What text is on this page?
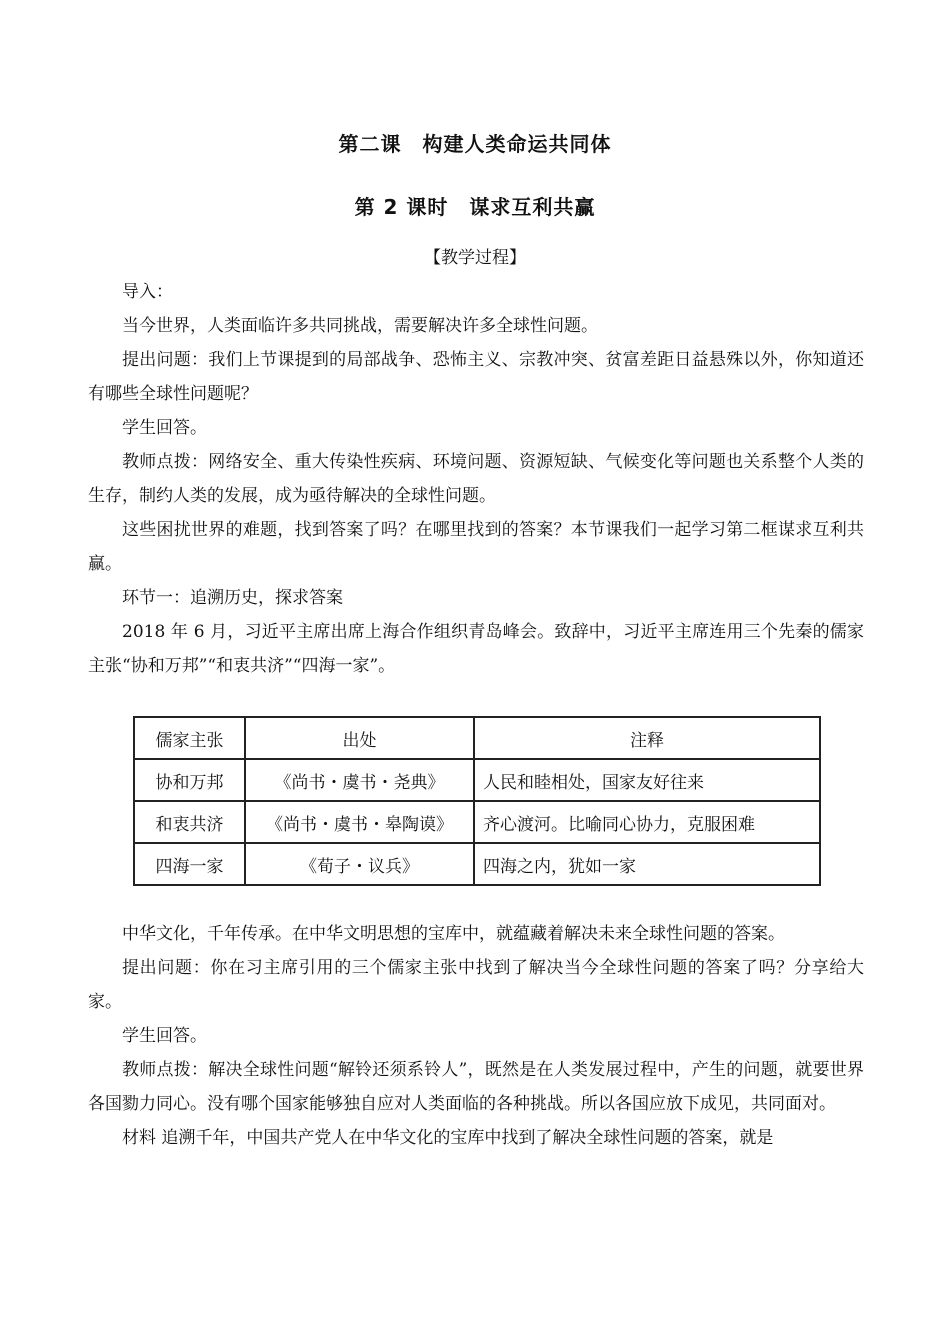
第二课　构建人类命运共同体
第 2 课时　谋求互利共赢
【教学过程】

导入：

当今世界，人类面临许多共同挑战，需要解决许多全球性问题。

提出问题：我们上节课提到的局部战争、恐怖主义、宗教冲突、贫富差距日益悬殊以外，你知道还有哪些全球性问题呢？

学生回答。

教师点拨：网络安全、重大传染性疾病、环境问题、资源短缺、气候变化等问题也关系整个人类的生存，制约人类的发展，成为亟待解决的全球性问题。

这些困扰世界的难题，找到答案了吗？在哪里找到的答案？本节课我们一起学习第二框谋求互利共赢。

环节一：追溯历史，探求答案

2018 年 6 月，习近平主席出席上海合作组织青岛峰会。致辞中，习近平主席连用三个先秦的儒家主张“协和万邦”“和衷共济”“四海一家”。

儒家主张	出处	注释
协和万邦	《尚书・虞书・尧典》	人民和睦相处，国家友好往来
和衷共济	《尚书・虞书・皋陶谟》	齐心渡河。比喻同心协力，克服困难
四海一家	《荀子・议兵》	四海之内，犹如一家

中华文化，千年传承。在中华文明思想的宝库中，就蕴藏着解决未来全球性问题的答案。

提出问题：你在习主席引用的三个儒家主张中找到了解决当今全球性问题的答案了吗？分享给大家。

学生回答。

教师点拨：解决全球性问题“解铃还须系铃人”，既然是在人类发展过程中，产生的问题，就要世界各国勠力同心。没有哪个国家能够独自应对人类面临的各种挑战。所以各国应放下成见，共同面对。

材料 追溯千年，中国共产党人在中华文化的宝库中找到了解决全球性问题的答案，就是
